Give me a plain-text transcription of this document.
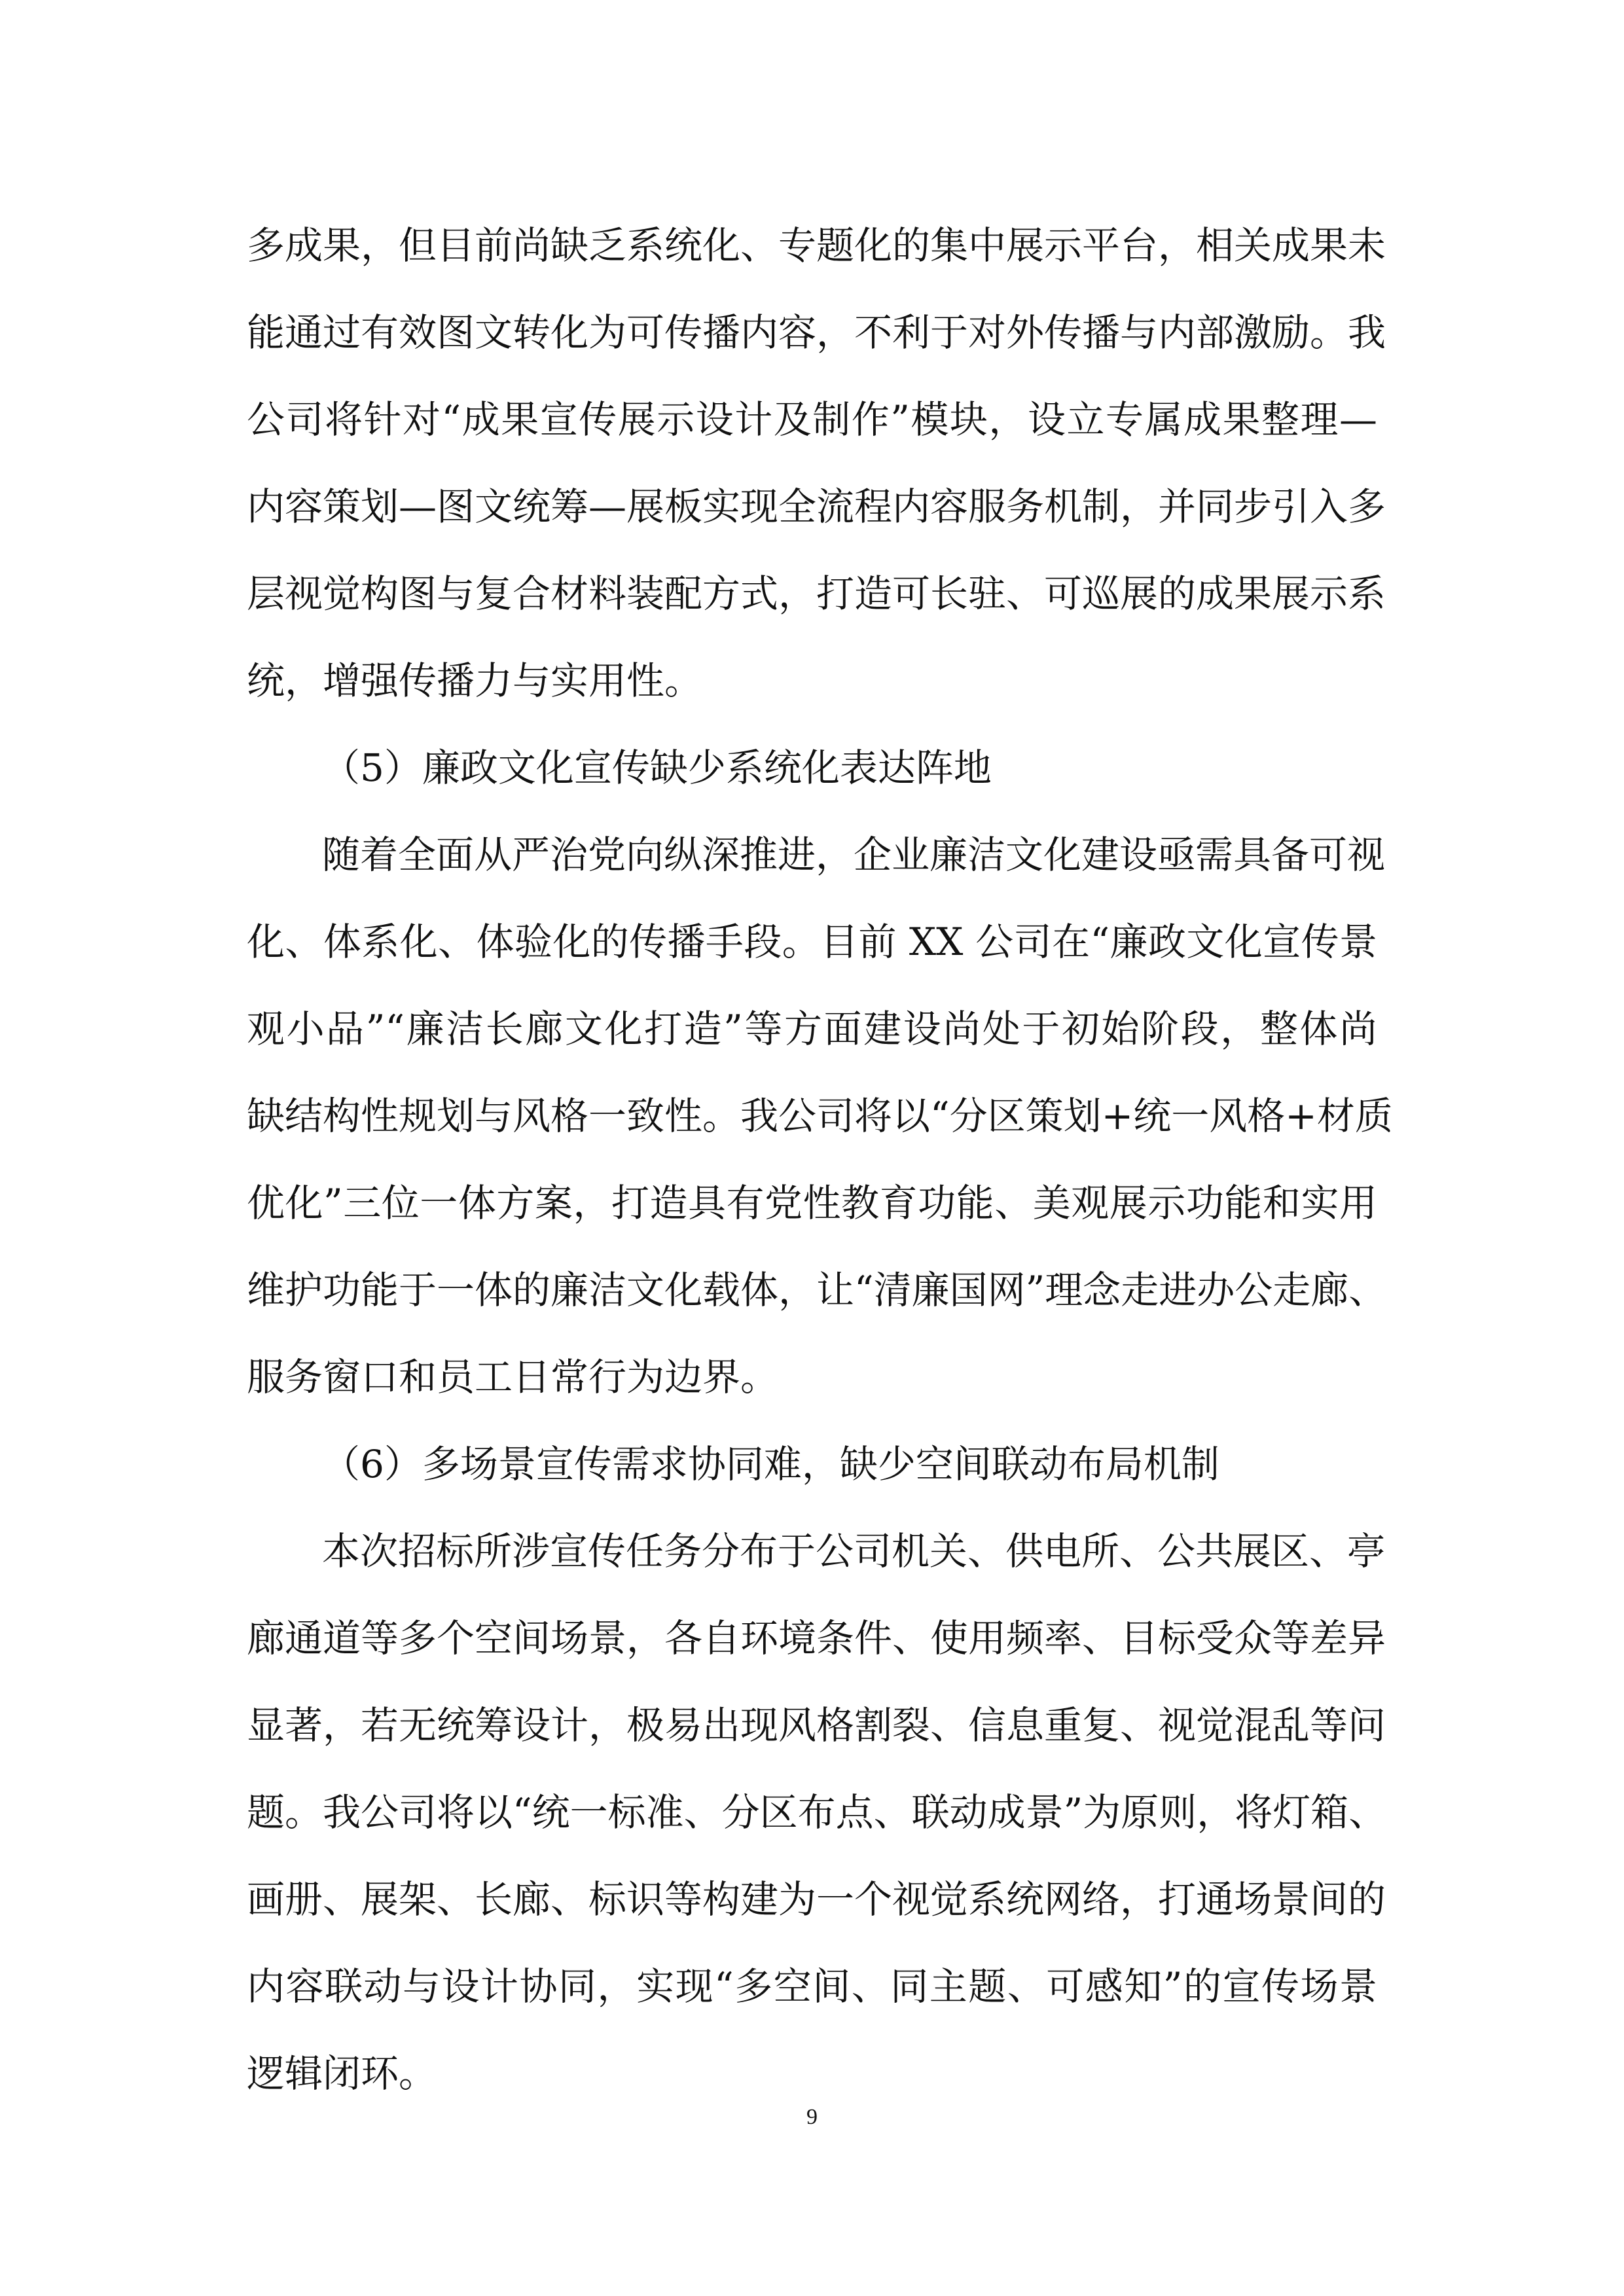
多成果，但目前尚缺乏系统化、专题化的集中展示平台，相关成果未
能通过有效图文转化为可传播内容，不利于对外传播与内部激励。我
公司将针对“成果宣传展示设计及制作”模块，设立专属成果整理—
内容策划—图文统筹—展板实现全流程内容服务机制，并同步引入多
层视觉构图与复合材料装配方式，打造可长驻、可巡展的成果展示系
统，增强传播力与实用性。
（5）廉政文化宣传缺少系统化表达阵地
随着全面从严治党向纵深推进，企业廉洁文化建设亟需具备可视
化、体系化、体验化的传播手段。目前 XX 公司在“廉政文化宣传景
观小品”“廉洁长廊文化打造”等方面建设尚处于初始阶段，整体尚
缺结构性规划与风格一致性。我公司将以“分区策划+统一风格+材质
优化”三位一体方案，打造具有党性教育功能、美观展示功能和实用
维护功能于一体的廉洁文化载体，让“清廉国网”理念走进办公走廊、
服务窗口和员工日常行为边界。
（6）多场景宣传需求协同难，缺少空间联动布局机制
本次招标所涉宣传任务分布于公司机关、供电所、公共展区、亭
廊通道等多个空间场景，各自环境条件、使用频率、目标受众等差异
显著，若无统筹设计，极易出现风格割裂、信息重复、视觉混乱等问
题。我公司将以“统一标准、分区布点、联动成景”为原则，将灯箱、
画册、展架、长廊、标识等构建为一个视觉系统网络，打通场景间的
内容联动与设计协同，实现“多空间、同主题、可感知”的宣传场景
逻辑闭环。
9
